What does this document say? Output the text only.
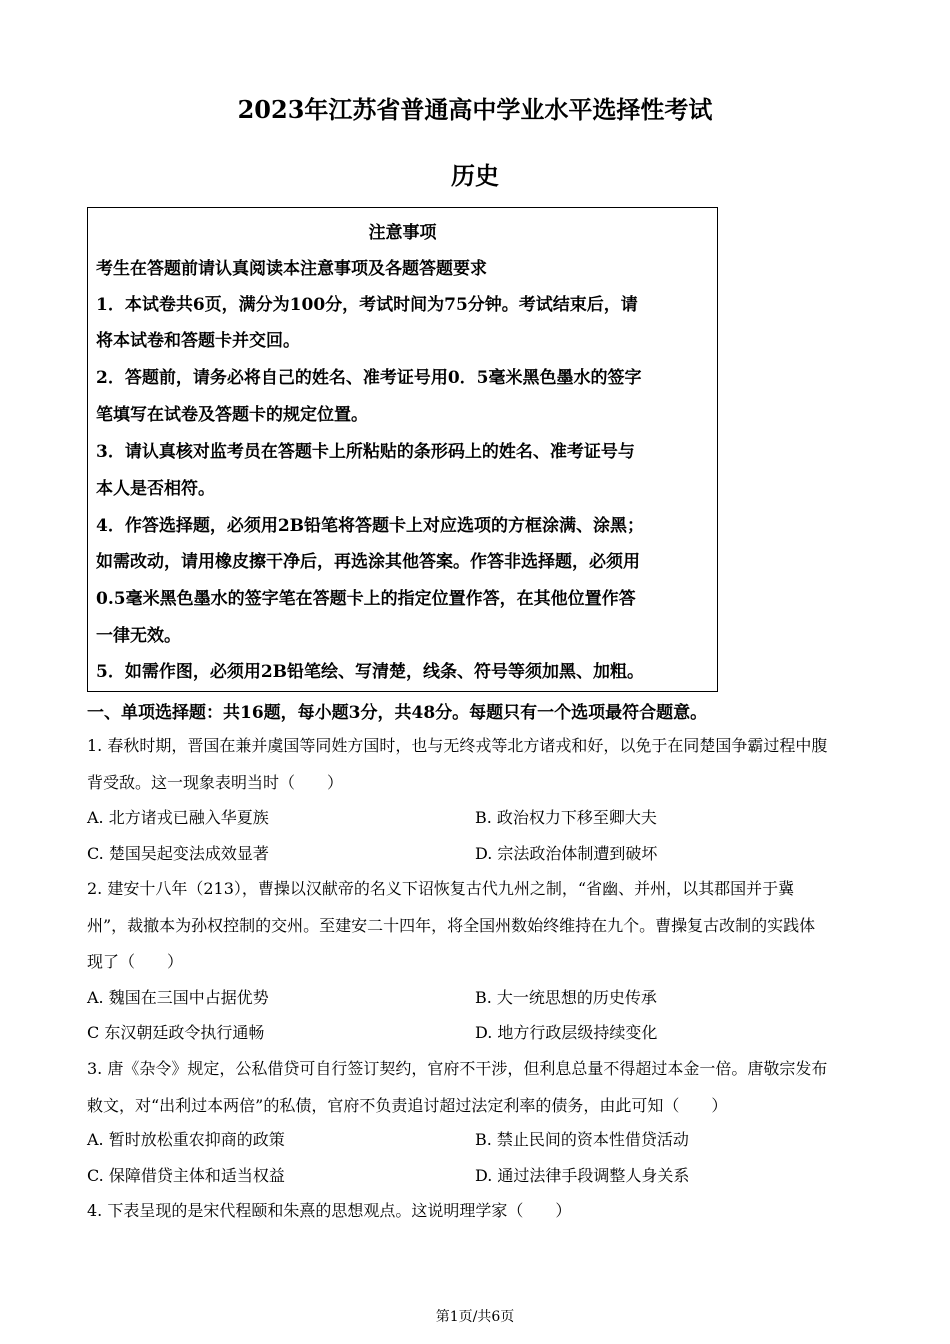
2023年江苏省普通高中学业水平选择性考试
历史
注意事项
考生在答题前请认真阅读本注意事项及各题答题要求
1．本试卷共6页，满分为100分，考试时间为75分钟。考试结束后，请
将本试卷和答题卡并交回。
2．答题前，请务必将自己的姓名、准考证号用0．5毫米黑色墨水的签字
笔填写在试卷及答题卡的规定位置。
3．请认真核对监考员在答题卡上所粘贴的条形码上的姓名、准考证号与
本人是否相符。
4．作答选择题，必须用2B铅笔将答题卡上对应选项的方框涂满、涂黑；
如需改动，请用橡皮擦干净后，再选涂其他答案。作答非选择题，必须用
0.5毫米黑色墨水的签字笔在答题卡上的指定位置作答，在其他位置作答
一律无效。
5．如需作图，必须用2B铅笔绘、写清楚，线条、符号等须加黑、加粗。
一、单项选择题：共16题，每小题3分，共48分。每题只有一个选项最符合题意。
1. 春秋时期，晋国在兼并虞国等同姓方国时，也与无终戎等北方诸戎和好，以免于在同楚国争霸过程中腹
背受敌。这一现象表明当时（　　）
A. 北方诸戎已融入华夏族	B. 政治权力下移至卿大夫
C. 楚国吴起变法成效显著	D. 宗法政治体制遭到破坏
2. 建安十八年（213），曹操以汉献帝的名义下诏恢复古代九州之制，“省幽、并州，以其郡国并于冀
州”，裁撤本为孙权控制的交州。至建安二十四年，将全国州数始终维持在九个。曹操复古改制的实践体
现了（　　）
A. 魏国在三国中占据优势	B. 大一统思想的历史传承
C 东汉朝廷政令执行通畅	D. 地方行政层级持续变化
3. 唐《杂令》规定，公私借贷可自行签订契约，官府不干涉，但利息总量不得超过本金一倍。唐敬宗发布
敕文，对“出利过本两倍”的私债，官府不负责追讨超过法定利率的债务，由此可知（　　）
A. 暂时放松重农抑商的政策	B. 禁止民间的资本性借贷活动
C. 保障借贷主体和适当权益	D. 通过法律手段调整人身关系
4. 下表呈现的是宋代程颐和朱熹的思想观点。这说明理学家（　　）
第1页/共6页
